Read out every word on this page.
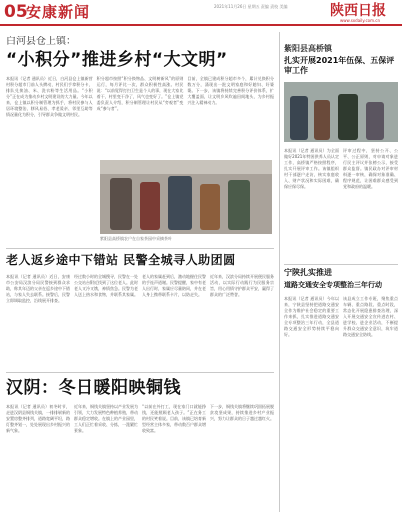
05
安康新闻	2021年11月26日 星期五 责编 责校 美编	陕西日报
www.sxdaily.com.cn
白河县仓上镇：
“小积分”推进乡村“大文明”
本报讯（记者 通讯员）近日，白河县仓上镇新营村积分超市门前人头攒动，村民们手拿积分卡，排队兑换油、米、洗衣粉等生活用品。“小积分”正在成为推动乡村文明建设的大力量。今年以来，仓上镇以积分制管理为抓手，将村民参与人居环境整治、移风易俗、孝老爱亲、邻里互助等情况量化为积分，引导群众争做文明村民。
积分超市按照“积分换物品、文明树新风”的原则运行，每月评比一次，群众积极性高涨。村民说：“以前觉得打扫卫生是个人的事，现在大家比着干，村里变干净了，风气也变好了。”仓上镇党委负责人介绍，积分制管理让村民从“旁观者”变成“参与者”。
目前，全镇已建成积分超市多个，累计兑换积分数万分，涌现出一批文明家庭和好媳妇、好婆婆。下一步，该镇将持续完善积分评价体系，扩大覆盖面，让文明乡风吹遍田间地头，为乡村振兴注入精神动力。
紫阳县高桥镇农户在自家茶园中采摘茶叶
紫阳县高桥镇
扎实开展2021年伍保、五保评审工作
本报讯（记者 通讯员）为全面做好2021年特困供养人员认定工作，高桥镇严格按照程序，扎实开展评审工作。该镇组织村干部逐户走访，核实家庭收入、财产状况和实际困难，确保应保尽保。
评审过程中，坚持公开、公平、公正原则，对申请对象进行民主评议并张榜公示，接受群众监督。镇民政办对评审材料逐一审核，确保对象准确、程序规范，让困难群众感受到党和政府的温暖。
老人返乡途中下错站 民警全城寻人助团圆
本报讯（记者 通讯员）近日，安康市公安局汉滨分局民警接到群众求助，称其年迈的父亲在返乡途中下错站，与家人失去联系。接警后，民警立即调取监控，沿线展开排查。
经过数小时的全城搜寻，民警在一处公交站台附近找到了这位老人。此时老人又冷又饿，神情焦急。民警为老人送上热水和食物，并联系其家属。
老人的家属赶到后，激动地握住民警的手连声道谢。民警提醒，家中有老人出行时，家属应尽量陪同，并在老人身上携带联系卡片，以防走失。
近年来，汉滨分局持续开展便民服务活动，以实际行动践行为民服务宗旨，用心用情守护群众平安，赢得了群众的广泛赞誉。
宁陕扎实推进
道路交通安全专项整治三年行动
本报讯（记者 通讯员）今年以来，宁陕县坚持把道路交通安全作为维护社会稳定的重要工作来抓，扎实推进道路交通安全专项整治三年行动，全县道路交通安全形势持续平稳向好。
该县成立工作专班，聚焦重点车辆、重点路段、重点时段，常态化开展隐患排查治理，深入开展交通安全宣传进农村、进学校、进企业活动，不断提升群众交通安全意识，筑牢道路交通安全防线。
汉阴：冬日暖阳映铜钱
本报讯（记者 通讯员）初冬时节，走进汉阴县铜钱关镇，一排排崭新的安置房整齐排列，道路宽阔平坦，路灯整齐划一，处处展现出乡村振兴的新气象。
近年来，铜钱关镇坚持以产业发展为引领，大力发展特色种植养殖，带动群众稳定增收。在镇上的产业园里，工人们正忙着采收、分拣，一派繁忙景象。
“以前在外打工，现在家门口就能挣钱，还能照顾老人孩子。”正在务工的村民笑着说。目前，该镇已培育新型经营主体多家，带动数百户群众增收致富。
下一步，铜钱关镇将继续巩固拓展脱贫攻坚成果，持续推进乡村产业振兴，努力让群众的日子越过越红火。
